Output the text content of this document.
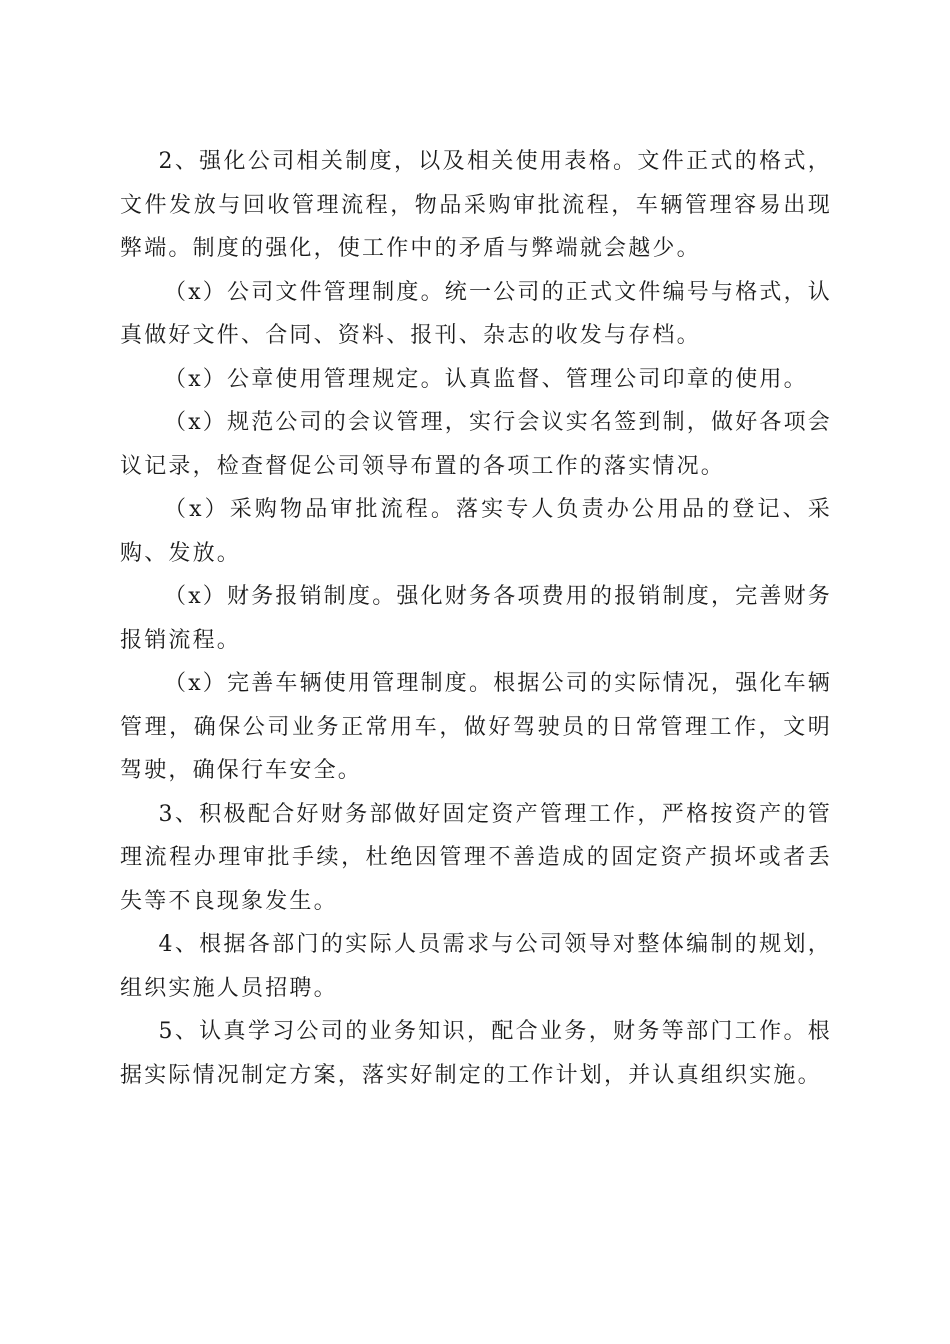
2、强化公司相关制度，以及相关使用表格。文件正式的格式，文件发放与回收管理流程，物品采购审批流程，车辆管理容易出现弊端。制度的强化，使工作中的矛盾与弊端就会越少。

（x）公司文件管理制度。统一公司的正式文件编号与格式，认真做好文件、合同、资料、报刊、杂志的收发与存档。

（x）公章使用管理规定。认真监督、管理公司印章的使用。

（x）规范公司的会议管理，实行会议实名签到制，做好各项会议记录，检查督促公司领导布置的各项工作的落实情况。

（x）采购物品审批流程。落实专人负责办公用品的登记、采购、发放。

（x）财务报销制度。强化财务各项费用的报销制度，完善财务报销流程。

（x）完善车辆使用管理制度。根据公司的实际情况，强化车辆管理，确保公司业务正常用车，做好驾驶员的日常管理工作，文明驾驶，确保行车安全。

3、积极配合好财务部做好固定资产管理工作，严格按资产的管理流程办理审批手续，杜绝因管理不善造成的固定资产损坏或者丢失等不良现象发生。

4、根据各部门的实际人员需求与公司领导对整体编制的规划，组织实施人员招聘。

5、认真学习公司的业务知识，配合业务，财务等部门工作。根据实际情况制定方案，落实好制定的工作计划，并认真组织实施。
